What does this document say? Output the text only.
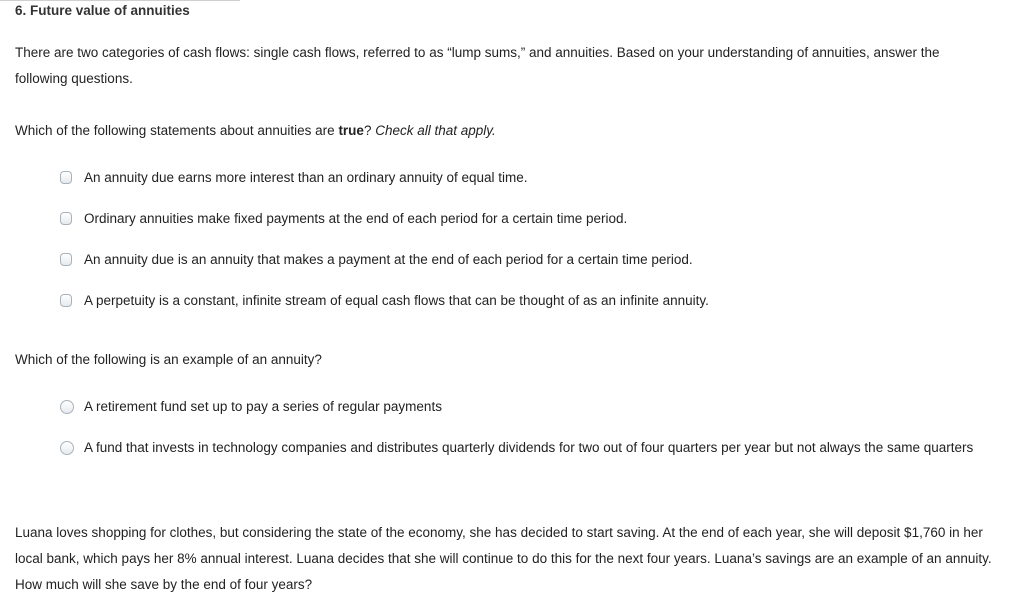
6. Future value of annuities
There are two categories of cash flows: single cash flows, referred to as “lump sums,” and annuities. Based on your understanding of annuities, answer the following questions.
Which of the following statements about annuities are true? Check all that apply.
An annuity due earns more interest than an ordinary annuity of equal time.
Ordinary annuities make fixed payments at the end of each period for a certain time period.
An annuity due is an annuity that makes a payment at the end of each period for a certain time period.
A perpetuity is a constant, infinite stream of equal cash flows that can be thought of as an infinite annuity.
Which of the following is an example of an annuity?
A retirement fund set up to pay a series of regular payments
A fund that invests in technology companies and distributes quarterly dividends for two out of four quarters per year but not always the same quarters
Luana loves shopping for clothes, but considering the state of the economy, she has decided to start saving. At the end of each year, she will deposit $1,760 in her local bank, which pays her 8% annual interest. Luana decides that she will continue to do this for the next four years. Luana’s savings are an example of an annuity. How much will she save by the end of four years?
